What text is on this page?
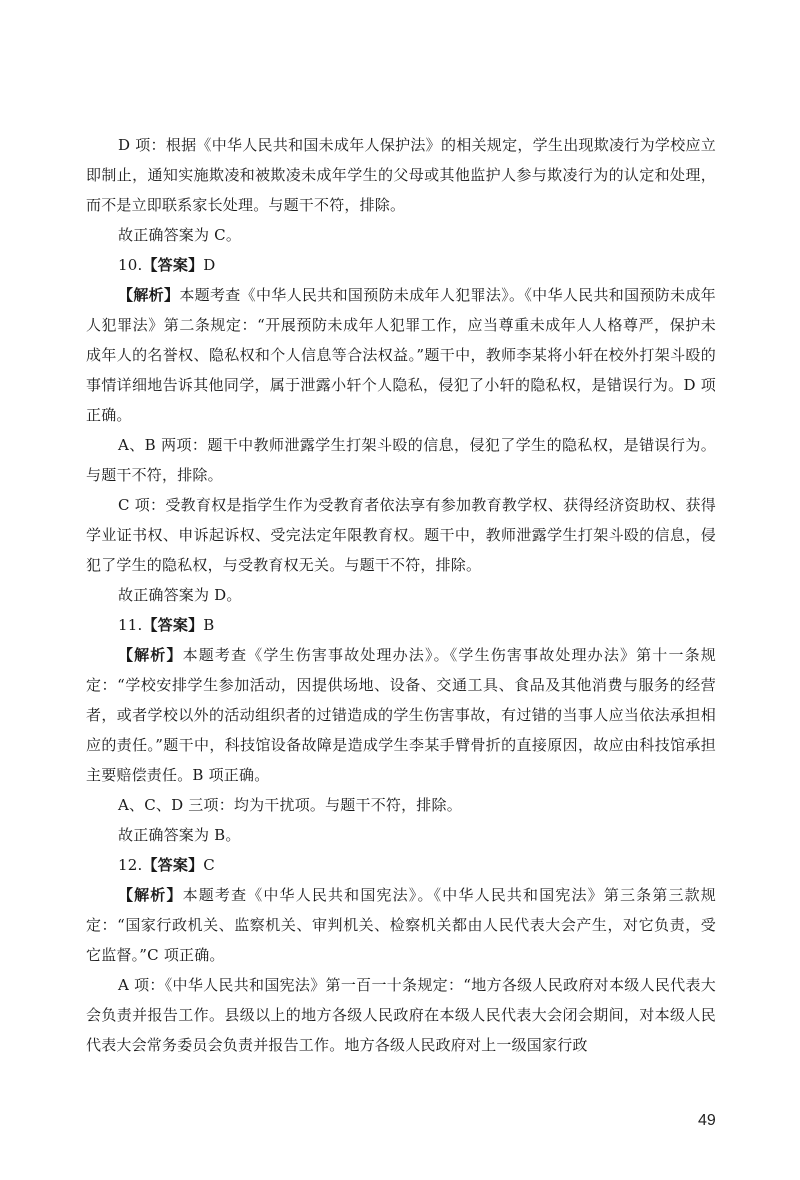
D 项：根据《中华人民共和国未成年人保护法》的相关规定，学生出现欺凌行为学校应立即制止，通知实施欺凌和被欺凌未成年学生的父母或其他监护人参与欺凌行为的认定和处理，而不是立即联系家长处理。与题干不符，排除。

故正确答案为 C。

10.【答案】D

【解析】本题考查《中华人民共和国预防未成年人犯罪法》。《中华人民共和国预防未成年人犯罪法》第二条规定：“开展预防未成年人犯罪工作，应当尊重未成年人人格尊严，保护未成年人的名誉权、隐私权和个人信息等合法权益。”题干中，教师李某将小轩在校外打架斗殴的事情详细地告诉其他同学，属于泄露小轩个人隐私，侵犯了小轩的隐私权，是错误行为。D 项正确。

A、B 两项：题干中教师泄露学生打架斗殴的信息，侵犯了学生的隐私权，是错误行为。与题干不符，排除。

C 项：受教育权是指学生作为受教育者依法享有参加教育教学权、获得经济资助权、获得学业证书权、申诉起诉权、受完法定年限教育权。题干中，教师泄露学生打架斗殴的信息，侵犯了学生的隐私权，与受教育权无关。与题干不符，排除。

故正确答案为 D。

11.【答案】B

【解析】本题考查《学生伤害事故处理办法》。《学生伤害事故处理办法》第十一条规定：“学校安排学生参加活动，因提供场地、设备、交通工具、食品及其他消费与服务的经营者，或者学校以外的活动组织者的过错造成的学生伤害事故，有过错的当事人应当依法承担相应的责任。”题干中，科技馆设备故障是造成学生李某手臂骨折的直接原因，故应由科技馆承担主要赔偿责任。B 项正确。

A、C、D 三项：均为干扰项。与题干不符，排除。

故正确答案为 B。

12.【答案】C

【解析】本题考查《中华人民共和国宪法》。《中华人民共和国宪法》第三条第三款规定：“国家行政机关、监察机关、审判机关、检察机关都由人民代表大会产生，对它负责，受它监督。”C 项正确。

A 项：《中华人民共和国宪法》第一百一十条规定：“地方各级人民政府对本级人民代表大会负责并报告工作。县级以上的地方各级人民政府在本级人民代表大会闭会期间，对本级人民代表大会常务委员会负责并报告工作。地方各级人民政府对上一级国家行政

49
